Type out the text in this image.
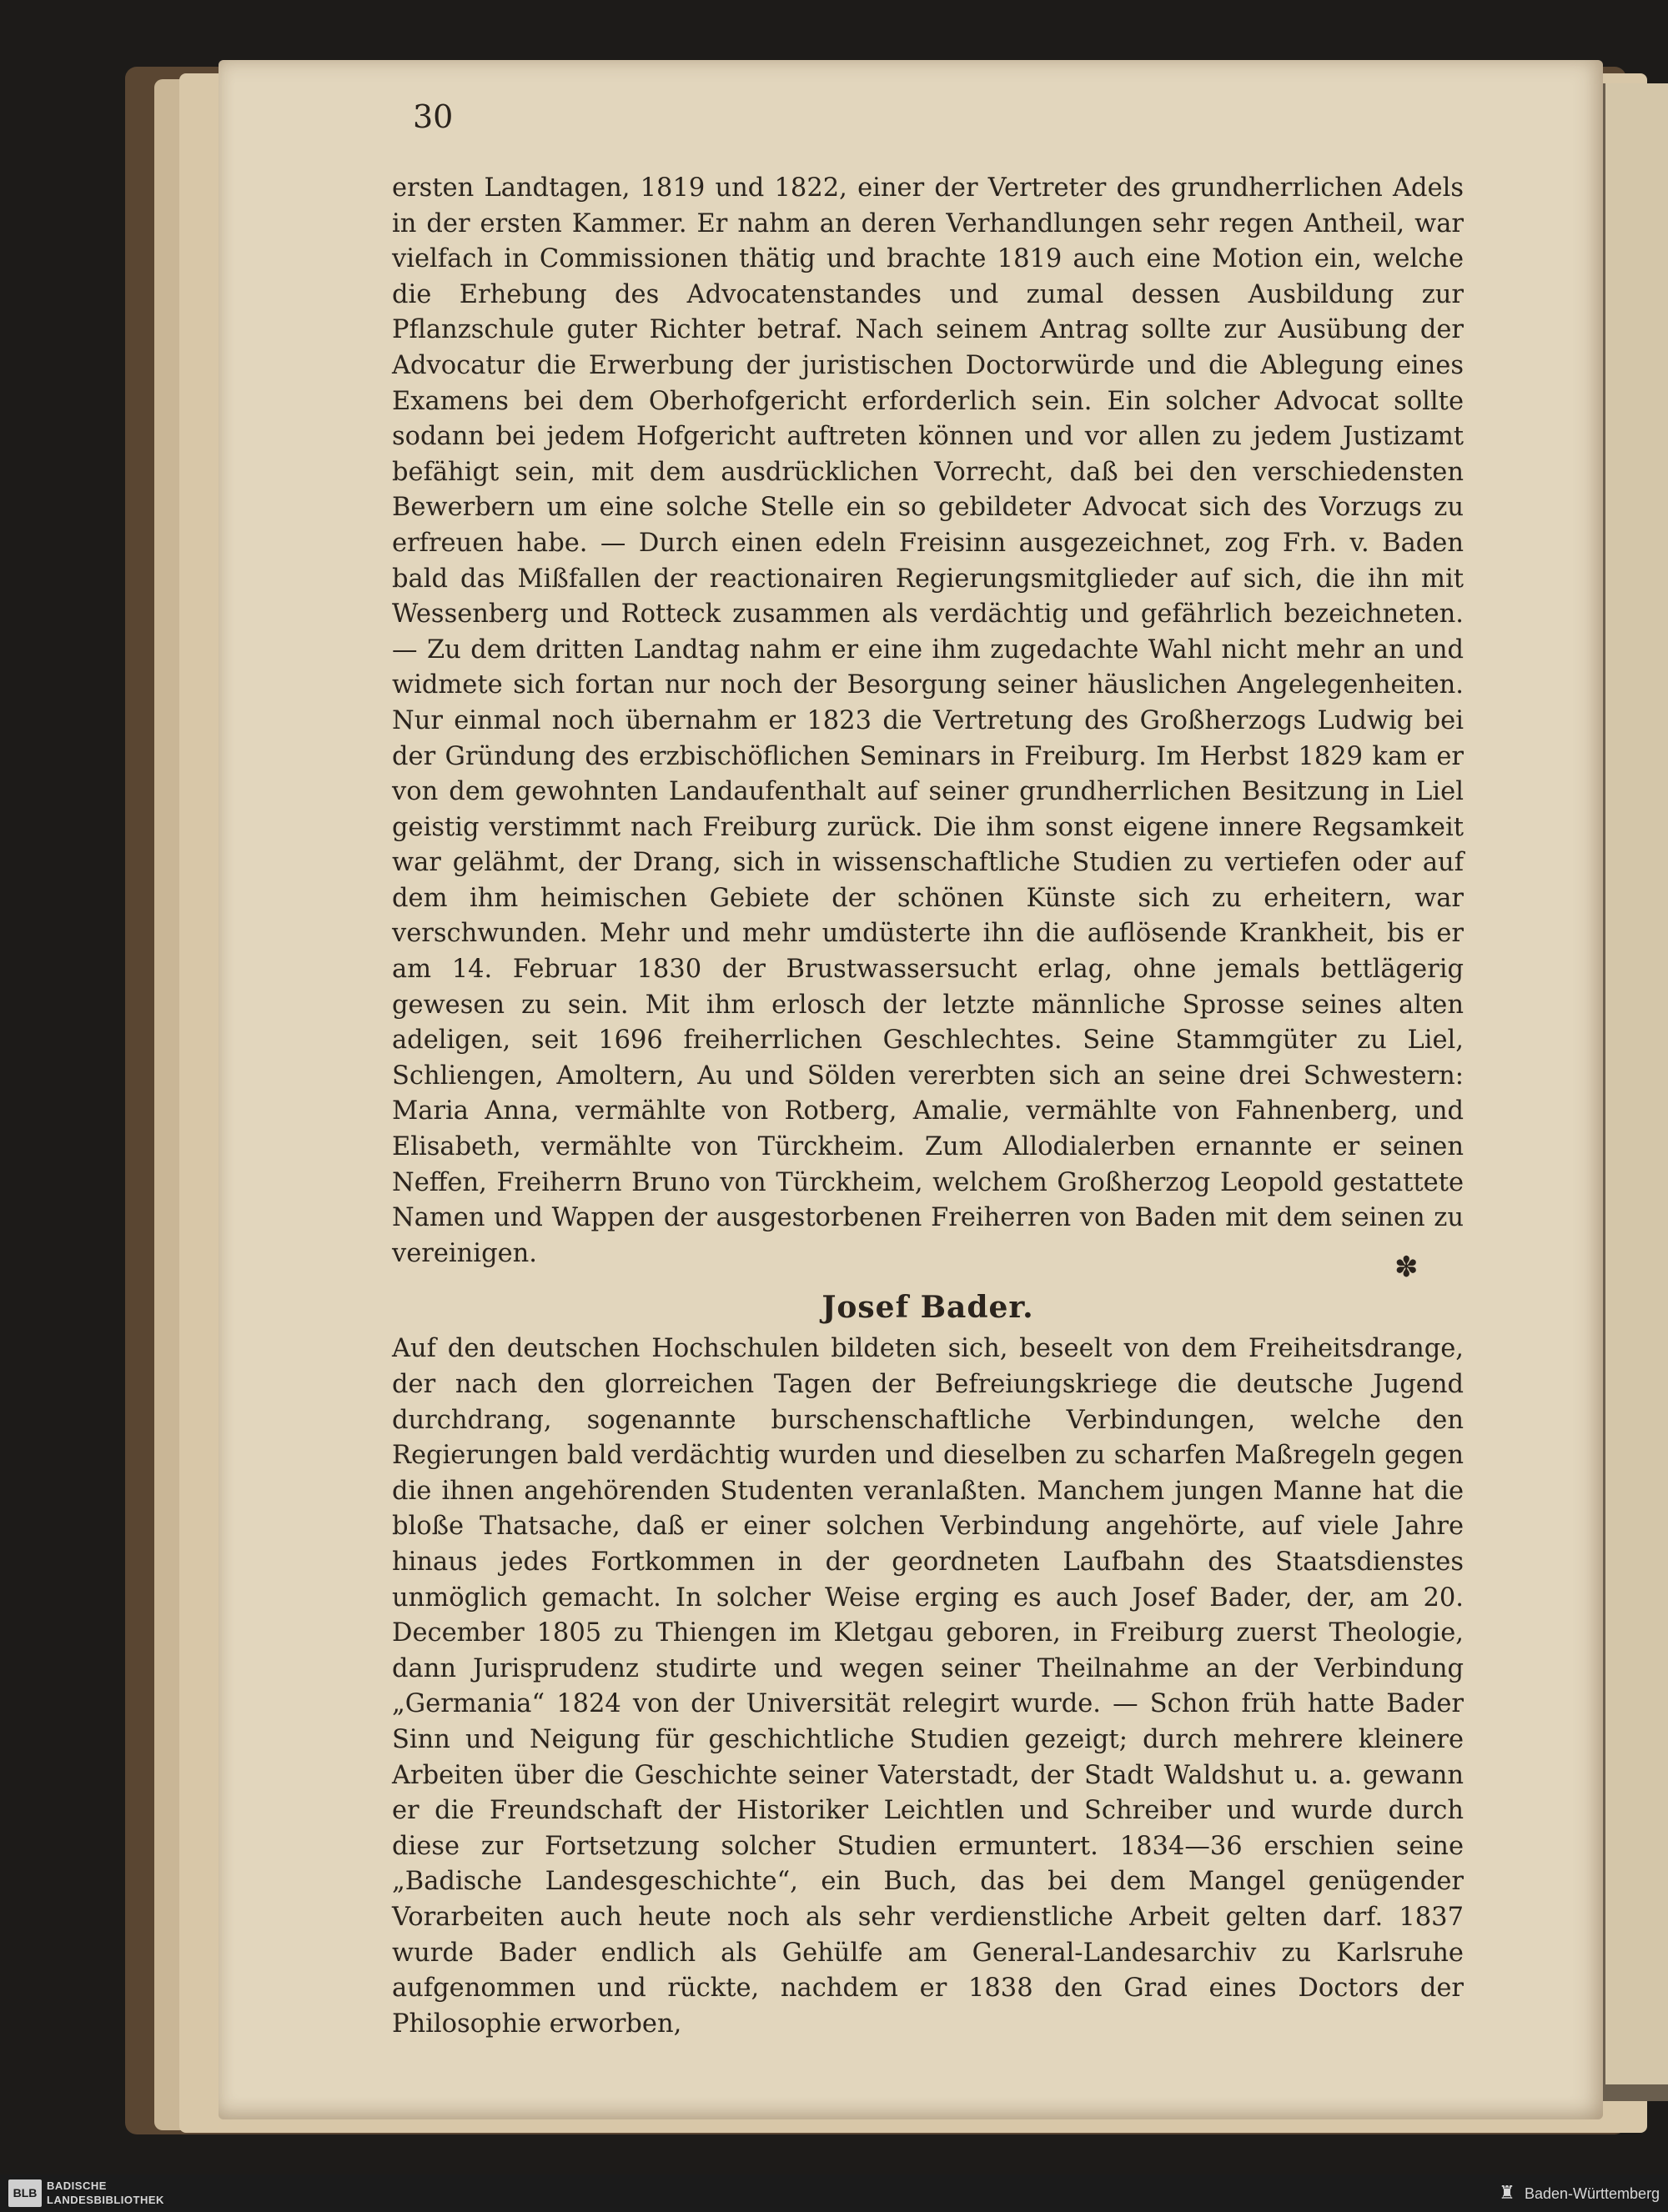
30

ersten Landtagen, 1819 und 1822, einer der Vertreter des grundherrlichen Adels in der ersten Kammer. Er nahm an deren Verhandlungen sehr regen Antheil, war vielfach in Commissionen thätig und brachte 1819 auch eine Motion ein, welche die Erhebung des Advocatenstandes und zumal dessen Ausbildung zur Pflanzschule guter Richter betraf. Nach seinem Antrag sollte zur Ausübung der Advocatur die Erwerbung der juristischen Doctorwürde und die Ablegung eines Examens bei dem Oberhofgericht erforderlich sein. Ein solcher Advocat sollte sodann bei jedem Hofgericht auftreten können und vor allen zu jedem Justizamt befähigt sein, mit dem ausdrücklichen Vorrecht, daß bei den verschiedensten Bewerbern um eine solche Stelle ein so gebildeter Advocat sich des Vorzugs zu erfreuen habe. — Durch einen edeln Freisinn ausgezeichnet, zog Frh. v. Baden bald das Mißfallen der reactionairen Regierungsmitglieder auf sich, die ihn mit Wessenberg und Rotteck zusammen als verdächtig und gefährlich bezeichneten. — Zu dem dritten Landtag nahm er eine ihm zugedachte Wahl nicht mehr an und widmete sich fortan nur noch der Besorgung seiner häuslichen Angelegenheiten. Nur einmal noch übernahm er 1823 die Vertretung des Großherzogs Ludwig bei der Gründung des erzbischöflichen Seminars in Freiburg. Im Herbst 1829 kam er von dem gewohnten Landaufenthalt auf seiner grundherrlichen Besitzung in Liel geistig verstimmt nach Freiburg zurück. Die ihm sonst eigene innere Regsamkeit war gelähmt, der Drang, sich in wissenschaftliche Studien zu vertiefen oder auf dem ihm heimischen Gebiete der schönen Künste sich zu erheitern, war verschwunden. Mehr und mehr umdüsterte ihn die auflösende Krankheit, bis er am 14. Februar 1830 der Brustwassersucht erlag, ohne jemals bettlägerig gewesen zu sein. Mit ihm erlosch der letzte männliche Sprosse seines alten adeligen, seit 1696 freiherrlichen Geschlechtes. Seine Stammgüter zu Liel, Schliengen, Amoltern, Au und Sölden vererbten sich an seine drei Schwestern: Maria Anna, vermählte von Rotberg, Amalie, vermählte von Fahnenberg, und Elisabeth, vermählte von Türckheim. Zum Allodialerben ernannte er seinen Neffen, Freiherrn Bruno von Türckheim, welchem Großherzog Leopold gestattete Namen und Wappen der ausgestorbenen Freiherren von Baden mit dem seinen zu vereinigen.

Josef Bader.

Auf den deutschen Hochschulen bildeten sich, beseelt von dem Freiheitsdrange, der nach den glorreichen Tagen der Befreiungskriege die deutsche Jugend durchdrang, sogenannte burschenschaftliche Verbindungen, welche den Regierungen bald verdächtig wurden und dieselben zu scharfen Maßregeln gegen die ihnen angehörenden Studenten veranlaßten. Manchem jungen Manne hat die bloße Thatsache, daß er einer solchen Verbindung angehörte, auf viele Jahre hinaus jedes Fortkommen in der geordneten Laufbahn des Staatsdienstes unmöglich gemacht. In solcher Weise erging es auch Josef Bader, der, am 20. December 1805 zu Thiengen im Kletgau geboren, in Freiburg zuerst Theologie, dann Jurisprudenz studirte und wegen seiner Theilnahme an der Verbindung „Germania“ 1824 von der Universität relegirt wurde. — Schon früh hatte Bader Sinn und Neigung für geschichtliche Studien gezeigt; durch mehrere kleinere Arbeiten über die Geschichte seiner Vaterstadt, der Stadt Waldshut u. a. gewann er die Freundschaft der Historiker Leichtlen und Schreiber und wurde durch diese zur Fortsetzung solcher Studien ermuntert. 1834—36 erschien seine „Badische Landesgeschichte“, ein Buch, das bei dem Mangel genügender Vorarbeiten auch heute noch als sehr verdienstliche Arbeit gelten darf. 1837 wurde Bader endlich als Gehülfe am General-Landesarchiv zu Karlsruhe aufgenommen und rückte, nachdem er 1838 den Grad eines Doctors der Philosophie erworben,

✽
BLB
BADISCHE
LANDESBIBLIOTHEK	♜ Baden-Württemberg
